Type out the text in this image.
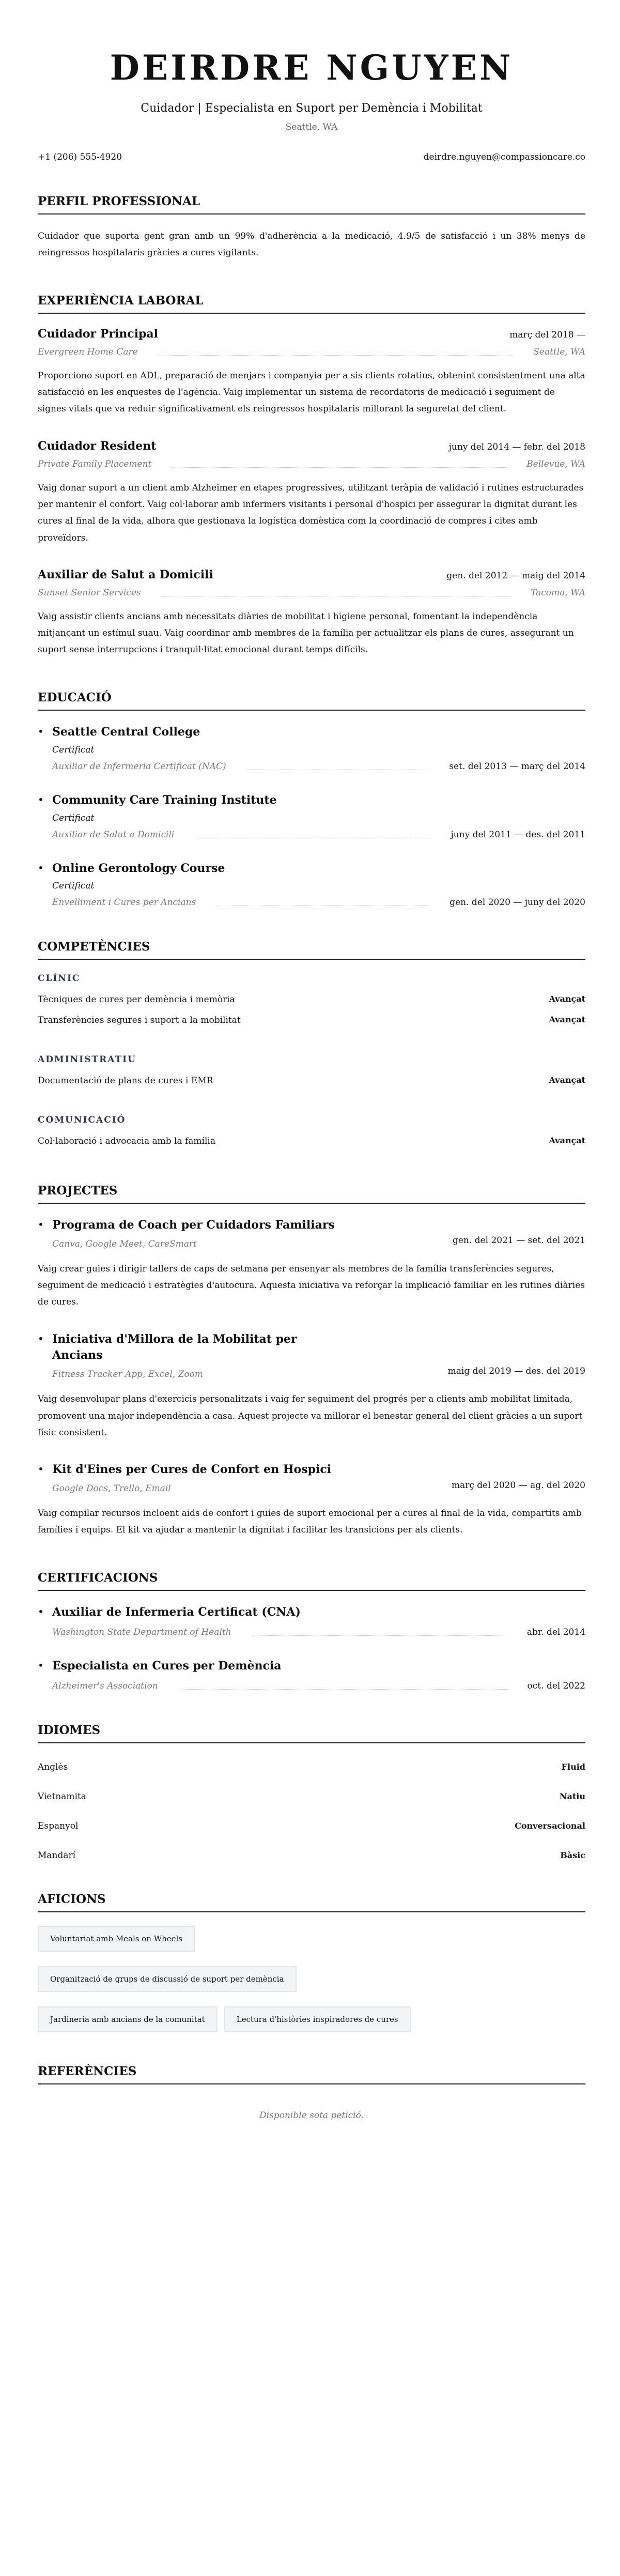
DEIRDRE NGUYEN
Cuidador | Especialista en Suport per Demència i Mobilitat
Seattle, WA
+1 (206) 555-4920	deirdre.nguyen@compassioncare.co
PERFIL PROFESSIONAL

Cuidador que suporta gent gran amb un 99% d'adherència a la medicació, 4.9/5 de satisfacció i un 38% menys de reingressos hospitalaris gràcies a cures vigilants.

EXPERIÈNCIA LABORAL
Cuidador Principal	març del 2018 —
Evergreen Home Care	Seattle, WA

Proporciono suport en ADL, preparació de menjars i companyia per a sis clients rotatius, obtenint consistentment una alta satisfacció en les enquestes de l'agència. Vaig implementar un sistema de recordatoris de medicació i seguiment de signes vitals que va reduir significativament els reingressos hospitalaris millorant la seguretat del client.

Cuidador Resident	juny del 2014 — febr. del 2018
Private Family Placement	Bellevue, WA

Vaig donar suport a un client amb Alzheimer en etapes progressives, utilitzant teràpia de validació i rutines estructurades per mantenir el confort. Vaig col·laborar amb infermers visitants i personal d'hospici per assegurar la dignitat durant les cures al final de la vida, alhora que gestionava la logística domèstica com la coordinació de compres i cites amb proveïdors.

Auxiliar de Salut a Domicili	gen. del 2012 — maig del 2014
Sunset Senior Services	Tacoma, WA

Vaig assistir clients ancians amb necessitats diàries de mobilitat i higiene personal, fomentant la independència mitjançant un estímul suau. Vaig coordinar amb membres de la família per actualitzar els plans de cures, assegurant un suport sense interrupcions i tranquil·litat emocional durant temps difícils.

EDUCACIÓ
• Seattle Central College
Certificat
Auxiliar de Infermeria Certificat (NAC)	set. del 2013 — març del 2014
• Community Care Training Institute
Certificat
Auxiliar de Salut a Domicili	juny del 2011 — des. del 2011
• Online Gerontology Course
Certificat
Envelliment i Cures per Ancians	gen. del 2020 — juny del 2020
COMPETÈNCIES
CLÍNIC
Tècniques de cures per demència i memòria	Avançat
Transferències segures i suport a la mobilitat	Avançat
ADMINISTRATIU
Documentació de plans de cures i EMR	Avançat
COMUNICACIÓ
Col·laboració i advocacia amb la família	Avançat
PROJECTES
• Programa de Coach per Cuidadors Familiars
Canva, Google Meet, CareSmart	gen. del 2021 — set. del 2021

Vaig crear guies i dirigir tallers de caps de setmana per ensenyar als membres de la família transferències segures, seguiment de medicació i estratègies d'autocura. Aquesta iniciativa va reforçar la implicació familiar en les rutines diàries de cures.

• Iniciativa d'Millora de la Mobilitat per Ancians
Fitness Tracker App, Excel, Zoom	maig del 2019 — des. del 2019

Vaig desenvolupar plans d'exercicis personalitzats i vaig fer seguiment del progrés per a clients amb mobilitat limitada, promovent una major independència a casa. Aquest projecte va millorar el benestar general del client gràcies a un suport físic consistent.

• Kit d'Eines per Cures de Confort en Hospici
Google Docs, Trello, Email	març del 2020 — ag. del 2020

Vaig compilar recursos incloent aids de confort i guies de suport emocional per a cures al final de la vida, compartits amb famílies i equips. El kit va ajudar a mantenir la dignitat i facilitar les transicions per als clients.

CERTIFICACIONS
• Auxiliar de Infermeria Certificat (CNA)
Washington State Department of Health	abr. del 2014
• Especialista en Cures per Demència
Alzheimer's Association	oct. del 2022
IDIOMES
Anglès	Fluid
Vietnamita	Natiu
Espanyol	Conversacional
Mandarí	Bàsic
AFICIONS
Voluntariat amb Meals on Wheels
Organització de grups de discussió de suport per demència
Jardineria amb ancians de la comunitat	Lectura d'històries inspiradores de cures
REFERÈNCIES
Disponible sota petició.
